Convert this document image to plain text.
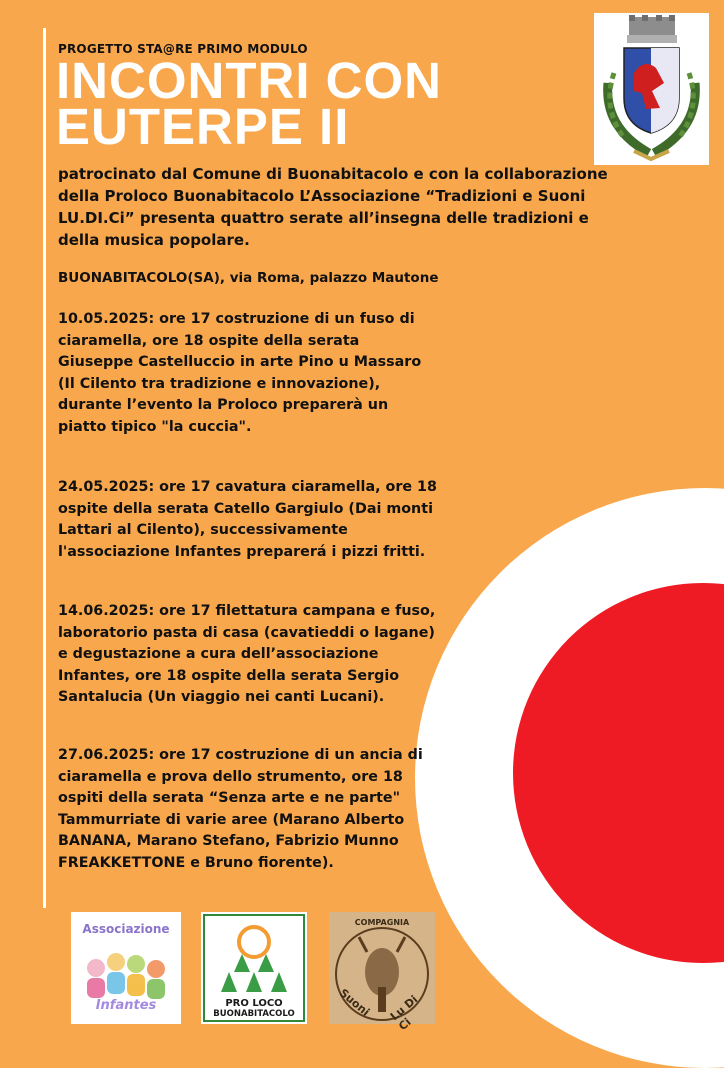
PROGETTO STA@RE PRIMO MODULO
INCONTRI CON
EUTERPE II
patrocinato dal Comune di Buonabitacolo e con la collaborazione della Proloco Buonabitacolo L’Associazione “Tradizioni e Suoni LU.DI.Ci” presenta quattro serate all’insegna delle tradizioni e della musica popolare.
BUONABITACOLO(SA), via Roma, palazzo Mautone
10.05.2025: ore 17 costruzione di un fuso di ciaramella, ore 18 ospite della serata Giuseppe Castelluccio in arte Pino u Massaro (Il Cilento tra tradizione e innovazione), durante l’evento la Proloco preparerà un piatto tipico "la cuccia".
24.05.2025: ore 17 cavatura ciaramella, ore 18 ospite della serata Catello Gargiulo (Dai monti Lattari al Cilento), successivamente l'associazione Infantes preparerá i pizzi fritti.
14.06.2025: ore 17 filettatura campana e fuso, laboratorio pasta di casa (cavatieddi o lagane) e degustazione a cura dell’associazione Infantes, ore 18 ospite della serata Sergio Santalucia (Un viaggio nei canti Lucani).
27.06.2025: ore 17 costruzione di un ancia di ciaramella e prova dello strumento, ore 18 ospiti della serata “Senza arte e ne parte" Tammurriate di varie aree (Marano Alberto BANANA, Marano Stefano, Fabrizio Munno FREAKKETTONE e Bruno fiorente).
Associazione
Infantes	PRO LOCO
BUONABITACOLO
COMPAGNIA
Suoni Lu Di Ci
